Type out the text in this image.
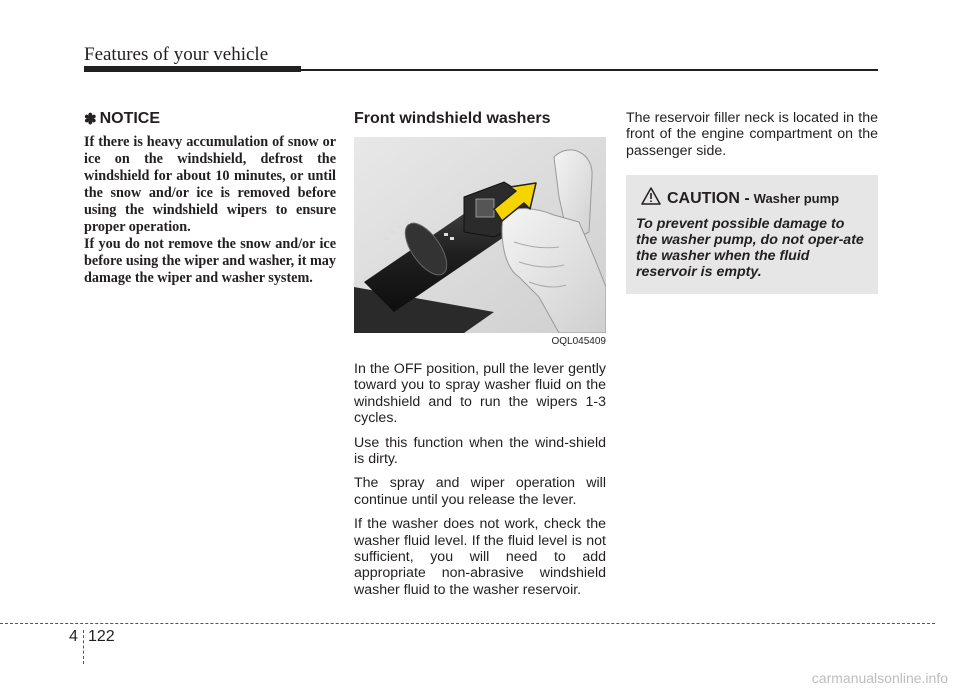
Features of your vehicle
✽ NOTICE

If there is heavy accumulation of snow or ice on the windshield, defrost the windshield for about 10 minutes, or until the snow and/or ice is removed before using the windshield wipers to ensure proper operation.

If you do not remove the snow and/or ice before using the wiper and washer, it may damage the wiper and washer system.

Front windshield washers

OQL045409

In the OFF position, pull the lever gently toward you to spray washer fluid on the windshield and to run the wipers 1-3 cycles.

Use this function when the wind-shield is dirty.

The spray and wiper operation will continue until you release the lever.

If the washer does not work, check the washer fluid level. If the fluid level is not sufficient, you will need to add appropriate non-abrasive windshield washer fluid to the washer reservoir.

The reservoir filler neck is located in the front of the engine compartment on the passenger side.

CAUTION - Washer pump

To prevent possible damage to the washer pump, do not oper-ate the washer when the fluid reservoir is empty.

4 122
carmanualsonline.info
